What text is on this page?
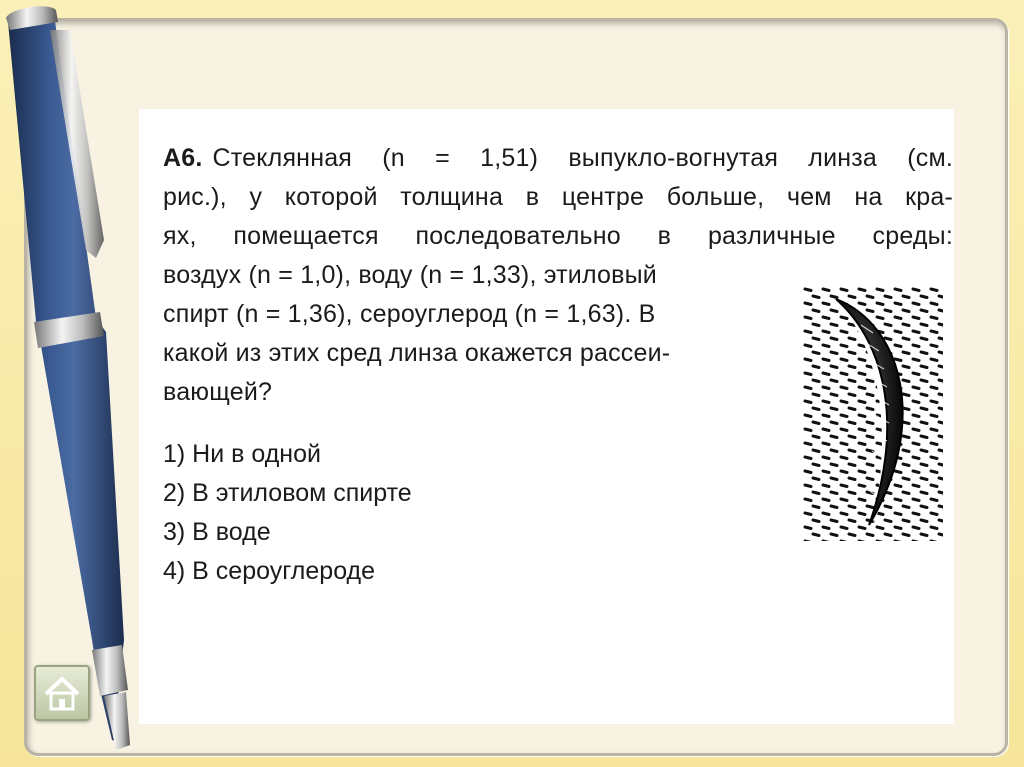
А6. Стеклянная (n = 1,51) выпукло-вогнутая линза (см.
рис.), у которой толщина в центре больше, чем на кра-
ях, помещается последовательно в различные среды:
воздух (n = 1,0), воду (n = 1,33), этиловый
спирт (n = 1,36), сероуглерод (n = 1,63). В
какой из этих сред линза окажется рассеи-
вающей?
1) Ни в одной
2) В этиловом спирте
3) В воде
4) В сероуглероде
